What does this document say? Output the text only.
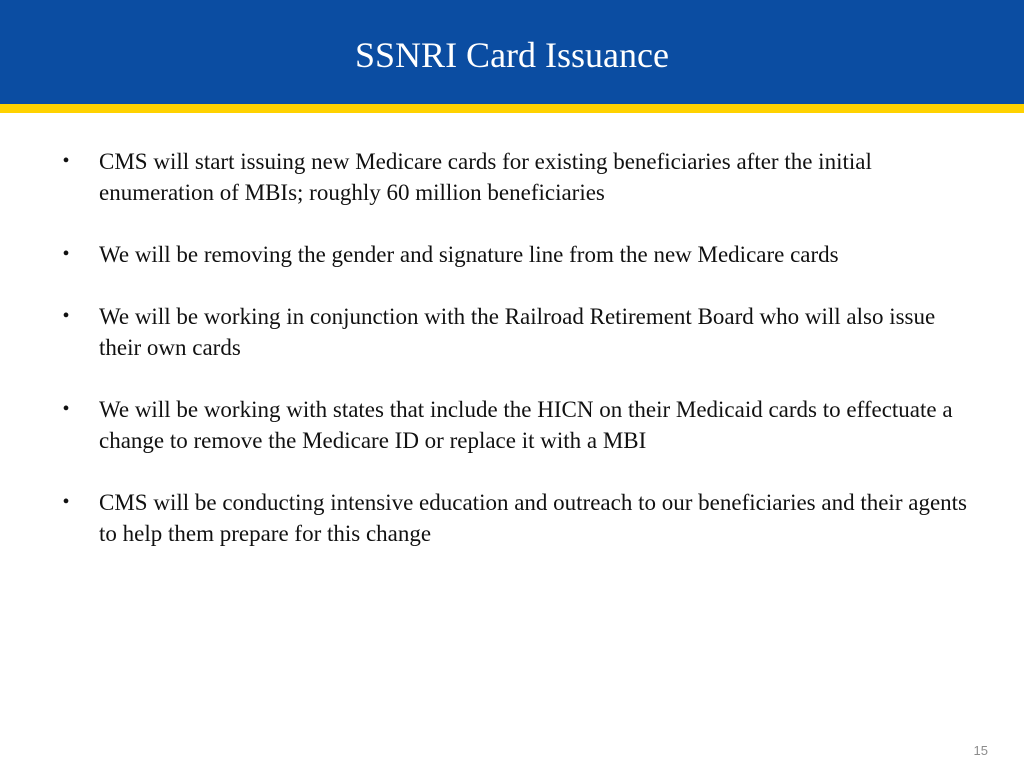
SSNRI Card Issuance
• CMS will start issuing new Medicare cards for existing beneficiaries after the initial enumeration of MBIs; roughly 60 million beneficiaries
• We will be removing the gender and signature line from the new Medicare cards
• We will be working in conjunction with the Railroad Retirement Board who will also issue their own cards
• We will be working with states that include the HICN on their Medicaid cards to effectuate a change to remove the Medicare ID or replace it with a MBI
• CMS will be conducting intensive education and outreach to our beneficiaries and their agents to help them prepare for this change
15
